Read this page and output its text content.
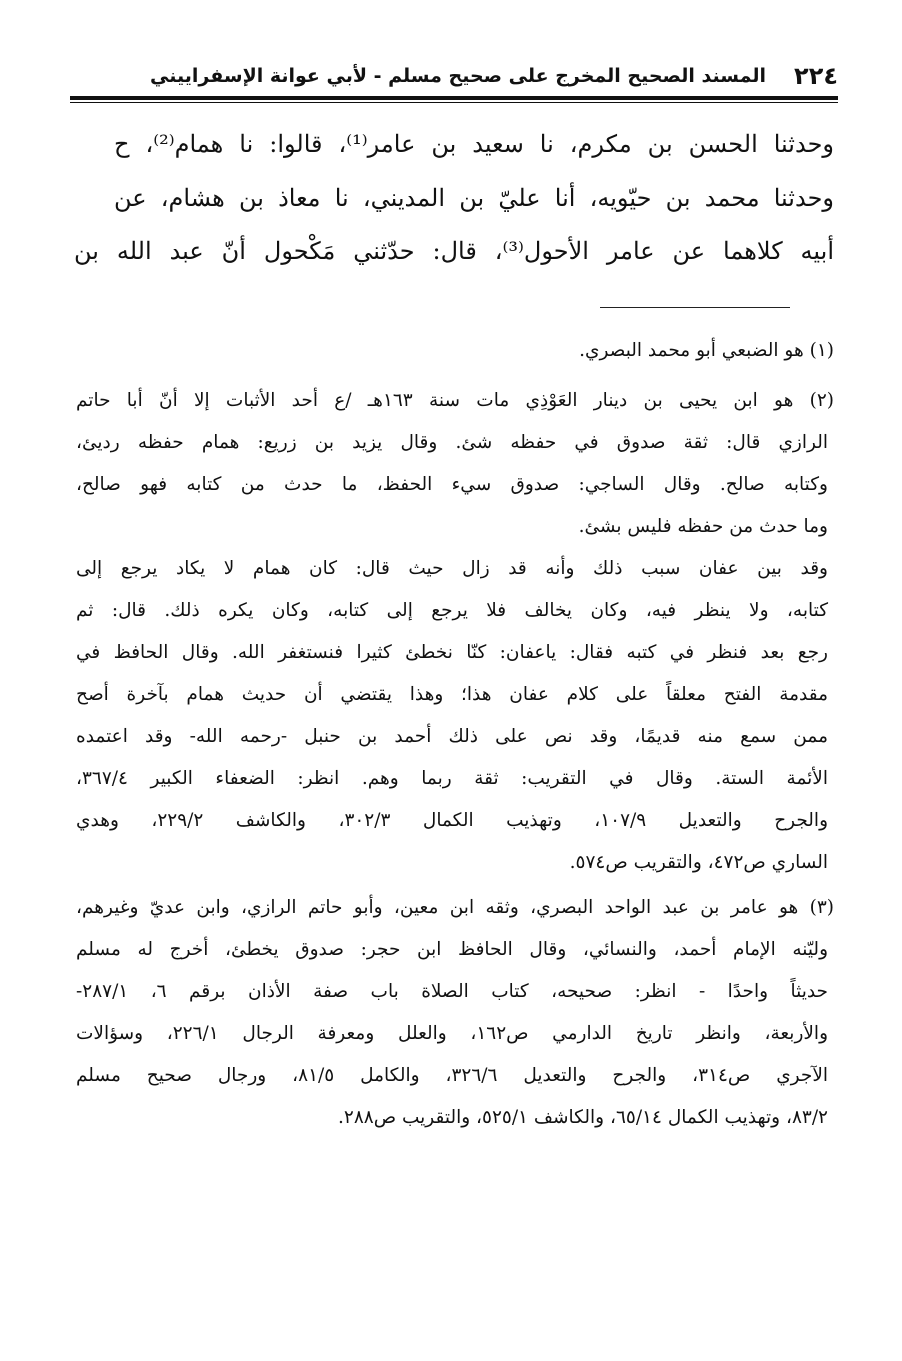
٢٢٤
المسند الصحيح المخرج على صحيح مسلم - لأبي عوانة الإسفراييني
وحدثنا الحسن بن مكرم، نا سعيد بن عامر⁽¹⁾، قالوا: نا همام⁽²⁾، ح
وحدثنا محمد بن حيّويه، أنا عليّ بن المديني، نا معاذ بن هشام، عن
أبيه كلاهما عن عامر الأحول⁽³⁾، قال: حدّثني مَكْحول أنّ عبد الله بن
(١) هو الضبعي أبو محمد البصري.
(٢) هو ابن يحيى بن دينار العَوْذِي مات سنة ١٦٣هـ /ع أحد الأثبات إلا أنّ أبا حاتم
الرازي قال: ثقة صدوق في حفظه شئ. وقال يزيد بن زريع: همام حفظه رديئ،
وكتابه صالح. وقال الساجي: صدوق سيء الحفظ، ما حدث من كتابه فهو صالح،
وما حدث من حفظه فليس بشئ.
وقد بين عفان سبب ذلك وأنه قد زال حيث قال: كان همام لا يكاد يرجع إلى
كتابه، ولا ينظر فيه، وكان يخالف فلا يرجع إلى كتابه، وكان يكره ذلك. قال: ثم
رجع بعد فنظر في كتبه فقال: ياعفان: كنّا نخطئ كثيرا فنستغفر الله. وقال الحافظ في
مقدمة الفتح معلقاً على كلام عفان هذا؛ وهذا يقتضي أن حديث همام بآخرة أصح
ممن سمع منه قديمًا، وقد نص على ذلك أحمد بن حنبل -رحمه الله- وقد اعتمده
الأئمة الستة. وقال في التقريب: ثقة ربما وهم. انظر: الضعفاء الكبير ٣٦٧/٤،
والجرح والتعديل ١٠٧/٩، وتهذيب الكمال ٣٠٢/٣، والكاشف ٢٢٩/٢، وهدي
الساري ص٤٧٢، والتقريب ص٥٧٤.
(٣) هو عامر بن عبد الواحد البصري، وثقه ابن معين، وأبو حاتم الرازي، وابن عديّ وغيرهم،
وليّنه الإمام أحمد، والنسائي، وقال الحافظ ابن حجر: صدوق يخطئ، أخرج له مسلم
حديثاً واحدًا - انظر: صحيحه، كتاب الصلاة باب صفة الأذان برقم ٦، ٢٨٧/١-
والأربعة، وانظر تاريخ الدارمي ص١٦٢، والعلل ومعرفة الرجال ٢٢٦/١، وسؤالات
الآجري ص٣١٤، والجرح والتعديل ٣٢٦/٦، والكامل ٨١/٥، ورجال صحيح مسلم
٨٣/٢، وتهذيب الكمال ٦٥/١٤، والكاشف ٥٢٥/١، والتقريب ص٢٨٨.
